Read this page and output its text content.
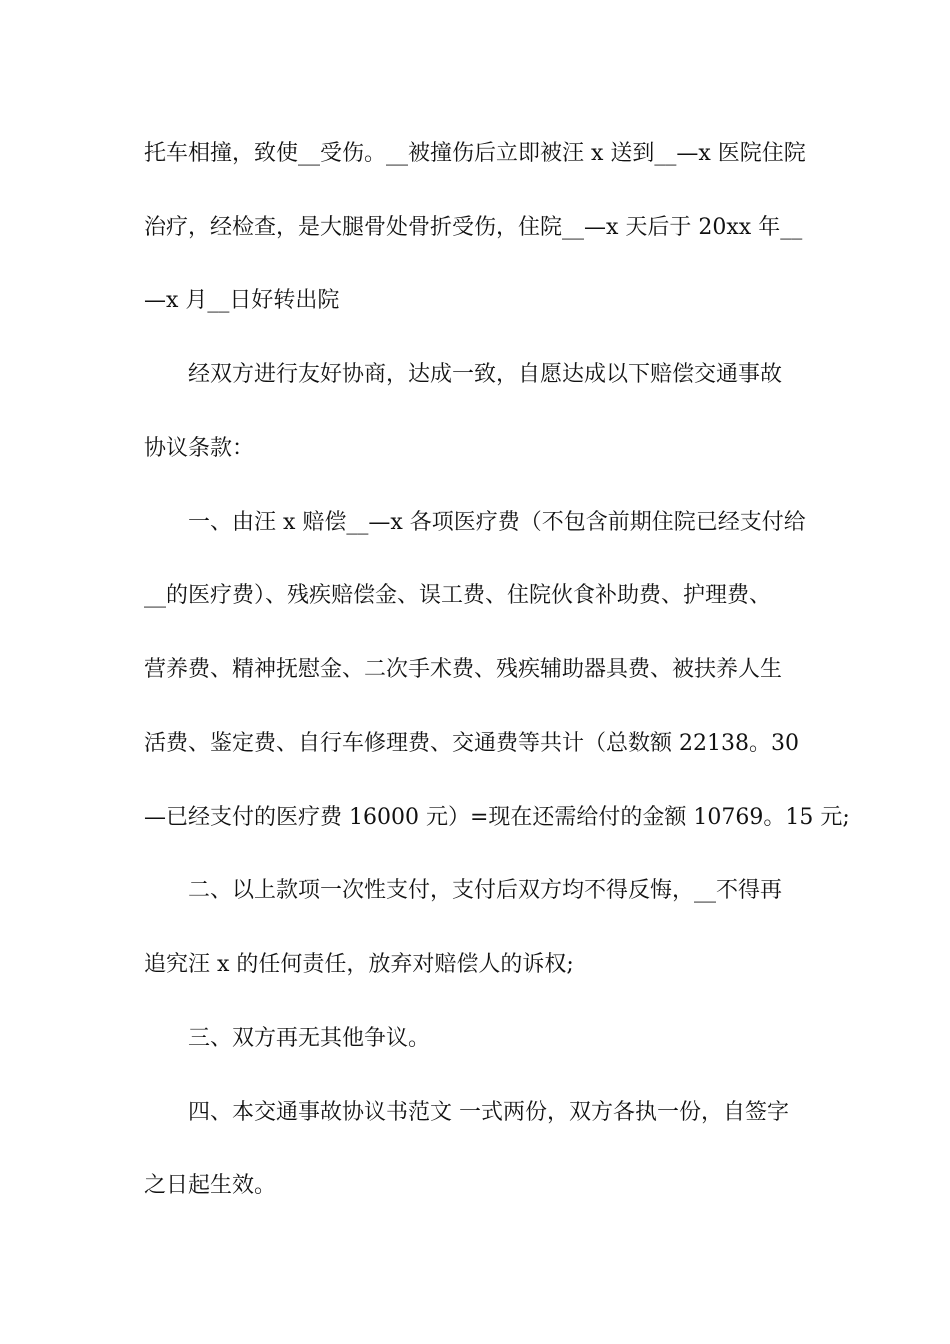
托车相撞，致使__受伤。__被撞伤后立即被汪 x 送到__—x 医院住院
治疗，经检查，是大腿骨处骨折受伤，住院__—x 天后于 20xx 年__
—x 月__日好转出院
经双方进行友好协商，达成一致，自愿达成以下赔偿交通事故
协议条款：
一、由汪 x 赔偿__—x 各项医疗费（不包含前期住院已经支付给
__的医疗费）、残疾赔偿金、误工费、住院伙食补助费、护理费、
营养费、精神抚慰金、二次手术费、残疾辅助器具费、被扶养人生
活费、鉴定费、自行车修理费、交通费等共计（总数额 22138。30
—已经支付的医疗费 16000 元）=现在还需给付的金额 10769。15 元;
二、以上款项一次性支付，支付后双方均不得反悔，__不得再
追究汪 x 的任何责任，放弃对赔偿人的诉权;
三、双方再无其他争议。
四、本交通事故协议书范文 一式两份，双方各执一份，自签字
之日起生效。
